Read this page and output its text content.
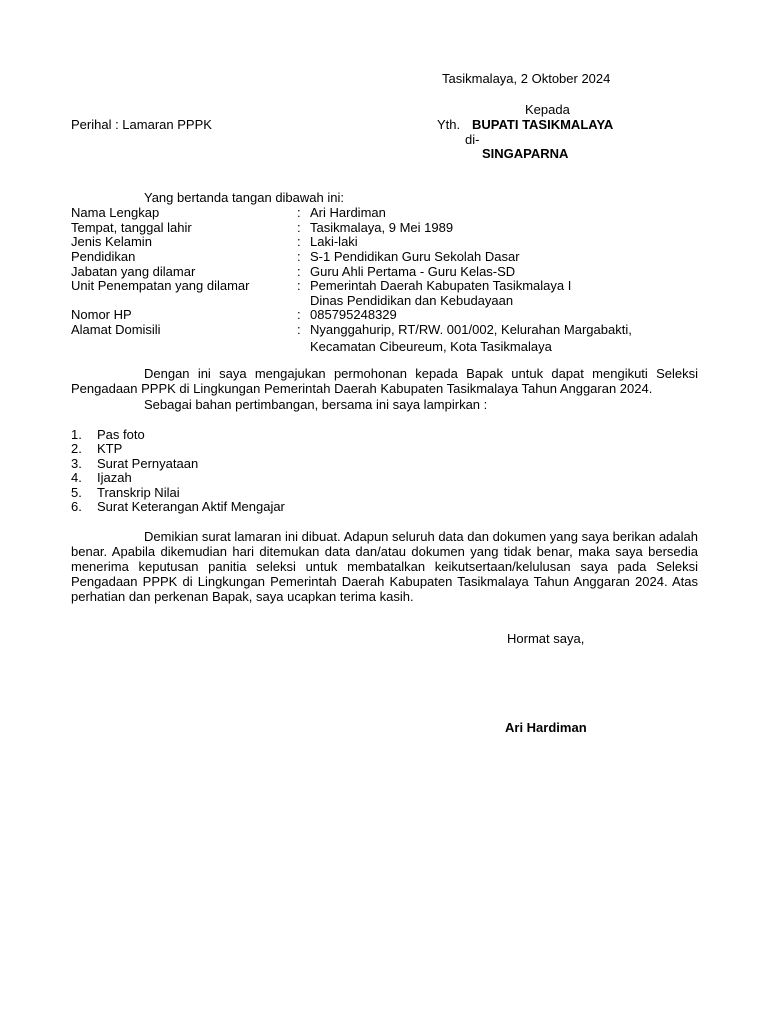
Tasikmalaya, 2 Oktober 2024
Kepada
Perihal : Lamaran PPPK	Yth. BUPATI TASIKMALAYA
di-
SINGAPARNA
Yang bertanda tangan dibawah ini:
Nama Lengkap	: Ari Hardiman
Tempat, tanggal lahir	: Tasikmalaya, 9 Mei 1989
Jenis Kelamin	: Laki-laki
Pendidikan	: S-1 Pendidikan Guru Sekolah Dasar
Jabatan yang dilamar	: Guru Ahli Pertama - Guru Kelas-SD
Unit Penempatan yang dilamar	: Pemerintah Daerah Kabupaten Tasikmalaya I
Dinas Pendidikan dan Kebudayaan
Nomor HP	: 085795248329
Alamat Domisili	: Nyanggahurip, RT/RW. 001/002, Kelurahan Margabakti,
Kecamatan Cibeureum, Kota Tasikmalaya
Dengan ini saya mengajukan permohonan kepada Bapak untuk dapat mengikuti Seleksi Pengadaan PPPK di Lingkungan Pemerintah Daerah Kabupaten Tasikmalaya Tahun Anggaran 2024.
Sebagai bahan pertimbangan, bersama ini saya lampirkan :
1. Pas foto
2. KTP
3. Surat Pernyataan
4. Ijazah
5. Transkrip Nilai
6. Surat Keterangan Aktif Mengajar
Demikian surat lamaran ini dibuat. Adapun seluruh data dan dokumen yang saya berikan adalah benar. Apabila dikemudian hari ditemukan data dan/atau dokumen yang tidak benar, maka saya bersedia menerima keputusan panitia seleksi untuk membatalkan keikutsertaan/kelulusan saya pada Seleksi Pengadaan PPPK di Lingkungan Pemerintah Daerah Kabupaten Tasikmalaya Tahun Anggaran 2024. Atas perhatian dan perkenan Bapak, saya ucapkan terima kasih.
Hormat saya,
Ari Hardiman
